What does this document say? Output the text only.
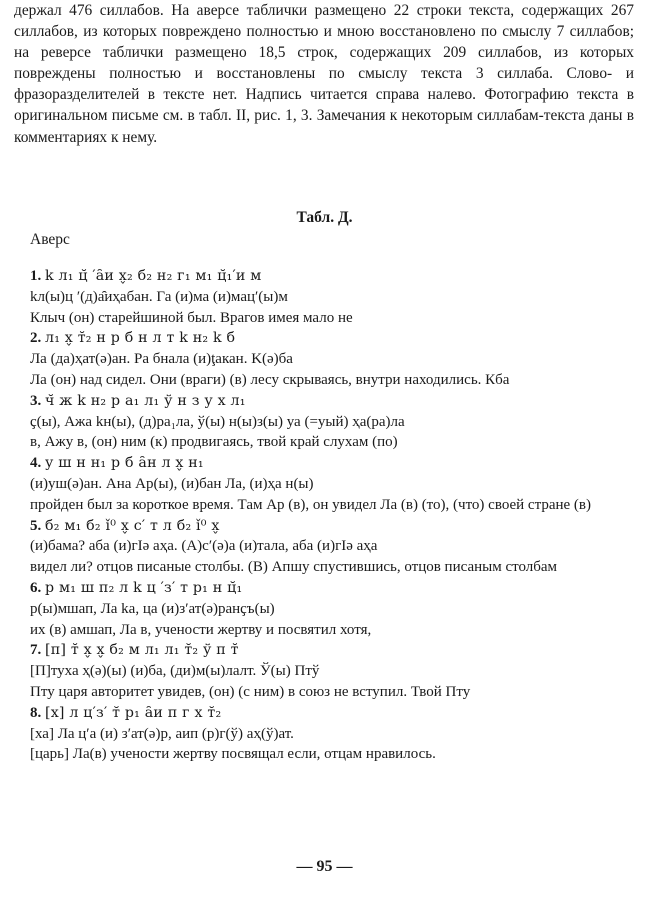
держал 476 силлабов. На аверсе таблички размещено 22 строки текста, содержащих 267 силлабов, из которых повреждено полностью и мною восстановлено по смыслу 7 силлабов; на реверсе таблички размещено 18,5 строк, содержащих 209 силлабов, из которых повреждены полностью и восстановлены по смыслу текста 3 силлаба. Слово- и фразоразделителей в тексте нет. Надпись читается справа налево. Фотографию текста в оригинальном письме см. в табл. II, рис. 1, 3. Замечания к некоторым силлабам-текста даны в комментариях к нему.

Табл. Д.
Аверс
1. k л₁ ц̆ ′а̑и x̬₂ б₂ н₂ г₁ м₁ ц̆₁′и м
kл(ы)ц ′(д)а̑иҳабан. Га (и)ма (и)мац′(ы)м
Клыч (он) старейшиной был. Врагов имея мало не
2. л₁ x̬ т̆₂ н р б н л т k н₂ k б
Ла (да)ҳат(ә)ан. Ра бнала (и)ţакан. K(ә)ба
Ла (он) над сидел. Они (враги) (в) лесу скрываясь, внутри находились. Кба
3. ч̆ ж k н₂ р а₁ л₁ ў н з у x л₁
ҫ(ы), Ажа kн(ы), (д)ра₁ла, ў(ы) н(ы)з(ы) уа (=уый) ҳа(ра)ла
в, Ажу в, (он) ним (к) продвигаясь, твой край слухам (по)
4. у ш н н₁ р б а̑н л x̬ н₁
(и)уш(ә)ан. Ана Ар(ы), (и)бан Ла, (и)ҳа н(ы)
пройден был за короткое время. Там Ар (в), он увидел Ла (в) (то), (что) своей стране (в)
5. б₂ м₁ б₂ ǐ⁰ x̬ с′ т л б₂ ǐ⁰ x̬
(и)бама? аба (и)гІә аҳа. (А)с′(ә)а (и)тала, аба (и)гІә аҳа
видел ли? отцов писаные столбы. (В) Апшу спустившись, отцов писаным столбам
6. р м₁ ш п₂ л k ц ′з′ т р₁ н ц̆₁
р(ы)мшап, Ла kа, ца (и)з′ат(ә)ранҫъ(ы)
их (в) амшап, Ла в, учености жертву и посвятил хотя,
7. [п] т̆ x̬ x̬ б₂ м л₁ л₁ т̆₂ ў п т̆
[П]туха ҳ(ә)(ы) (и)ба, (ди)м(ы)лалт. Ў(ы) Птў
Пту царя авторитет увидев, (он) (с ним) в союз не вступил. Твой Пту
8. [x] л ц′з′ т̆ р₁ а̑и п г x т̆₂
[ха] Ла ц′а (и) з′ат(ә)р, аип (р)г(ў) аҳ(ў)ат.
[царь] Ла(в) учености жертву посвящал если, отцам нравилось.
— 95 —
